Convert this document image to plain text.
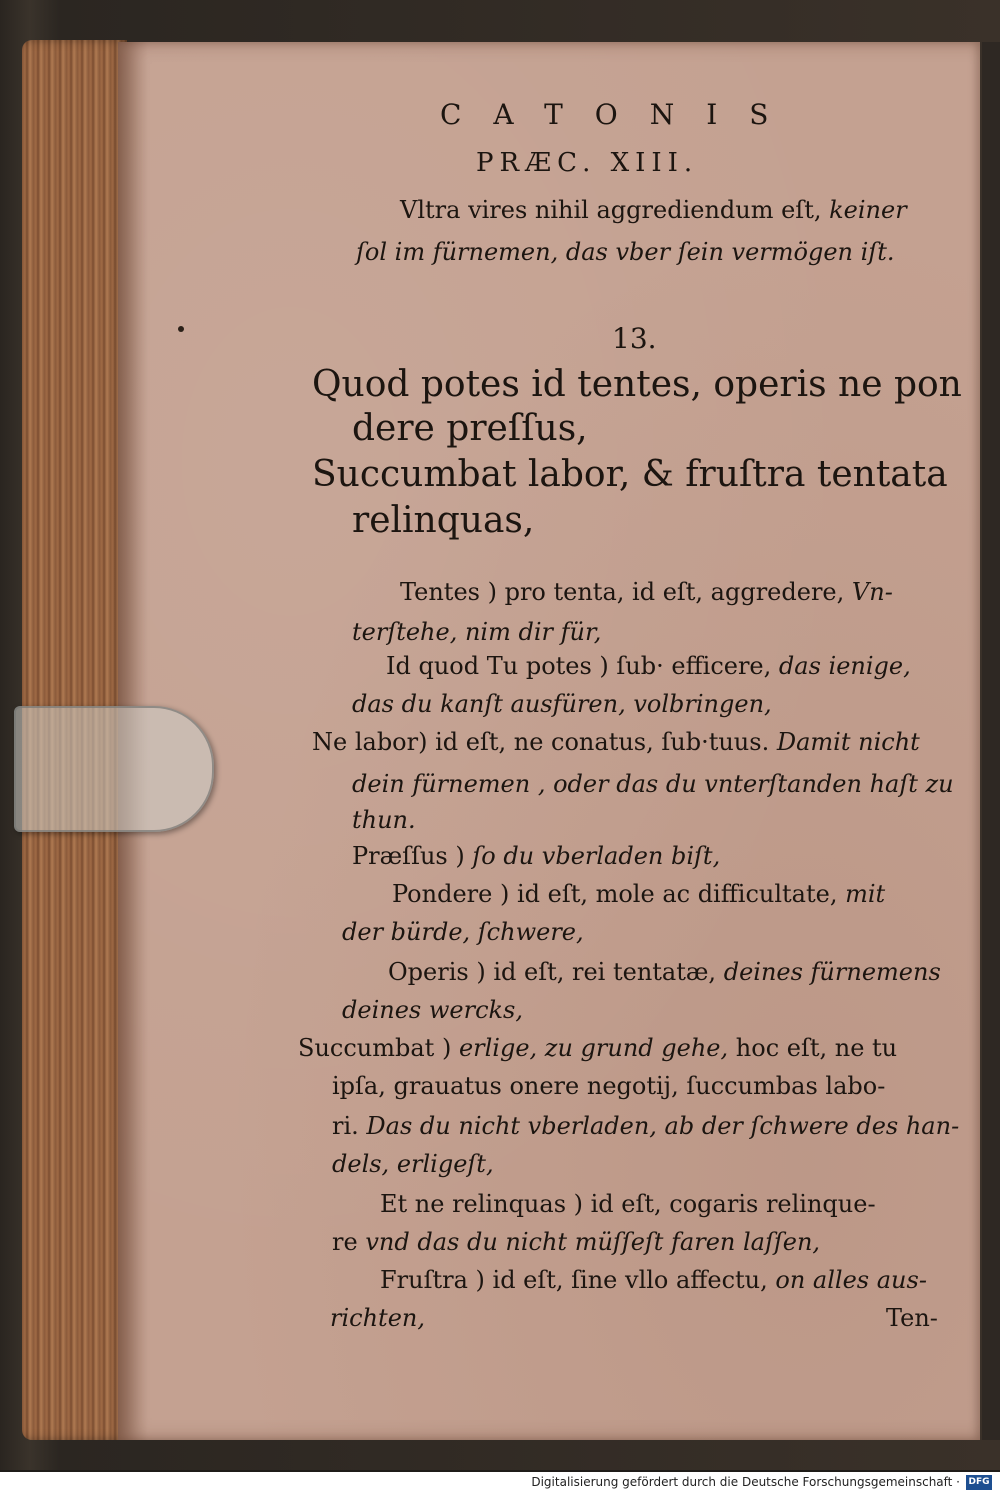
CATONIS
PRÆC. XIII.
Vltra vires nihil aggrediendum eſt, keiner
ſol im fürnemen, das vber ſein vermögen iſt.
13.
Quod potes id tentes, operis ne pon
dere preſſus,
Succumbat labor, & fruſtra tentata
relinquas,
Tentes ) pro tenta, id eſt, aggredere, Vn-
terſtehe, nim dir für,
Id quod Tu potes ) ſub· efficere, das ienige,
das du kanſt ausfüren, volbringen,
Ne labor) id eſt, ne conatus, ſub·tuus. Damit nicht
dein fürnemen , oder das du vnterſtanden haſt zu
thun.
Præſſus ) ſo du vberladen biſt,
Pondere ) id eſt, mole ac difficultate, mit
der bürde, ſchwere,
Operis ) id eſt, rei tentatæ, deines fürnemens
deines wercks,
Succumbat ) erlige, zu grund gehe, hoc eſt, ne tu
ipſa, grauatus onere negotij, ſuccumbas labo-
ri. Das du nicht vberladen, ab der ſchwere des han-
dels, erligeſt,
Et ne relinquas ) id eſt, cogaris relinque-
re vnd das du nicht müſſeſt faren laſſen,
Fruſtra ) id eſt, ſine vllo affectu, on alles aus-
richten,	Ten-
Digitalisierung gefördert durch die Deutsche Forschungsgemeinschaft · DFG
